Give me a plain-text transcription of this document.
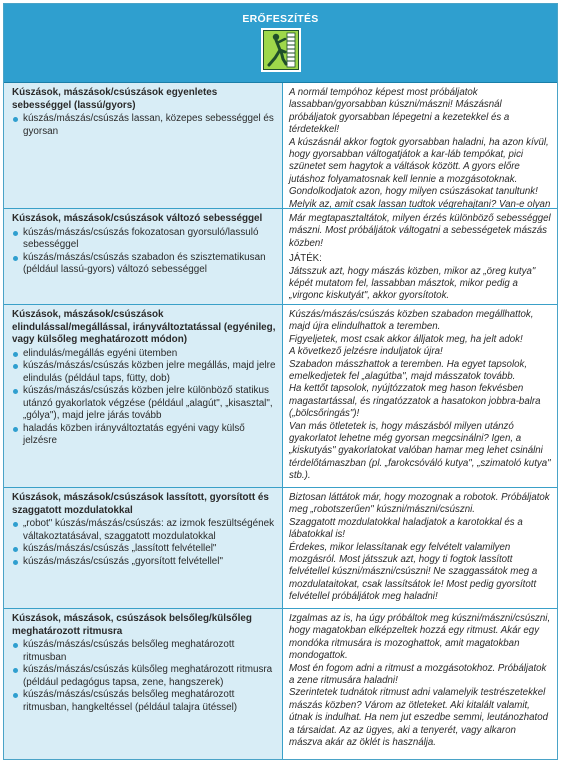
ERŐFESZÍTÉS
Kúszások, mászások/csúszások egyenletes sebességgel (lassú/gyors)
kúszás/mászás/csúszás lassan, közepes sebességgel és gyorsan

A normál tempóhoz képest most próbáljatok lassabban/gyorsabban kúszni/mászni! Mászásnál próbáljatok gyorsabban lépegetni a kezetekkel és a térdetekkel!

A kúszásnál akkor fogtok gyorsabban haladni, ha azon kívül, hogy gyorsabban váltogatjátok a kar-láb tempókat, pici szünetet sem hagytok a váltások között. A gyors előre jutáshoz folyamatosnak kell lennie a mozgásotoknak.

Gondolkodjatok azon, hogy milyen csúszásokat tanultunk! Melyik az, amit csak lassan tudtok végrehajtani? Van-e olyan

Kúszások, mászások/csúszások változó sebességgel
kúszás/mászás/csúszás fokozatosan gyorsuló/lassuló sebességgel
kúszás/mászás/csúszás szabadon és szisztematikusan (például lassú-gyors) változó sebességgel

Már megtapasztaltátok, milyen érzés különböző sebességgel mászni. Most próbáljátok váltogatni a sebességetek mászás közben!

JÁTÉK:

Játsszuk azt, hogy mászás közben, mikor az „öreg kutya" képét mutatom fel, lassabban másztok, mikor pedig a „virgonc kiskutyát", akkor gyorsítotok.

Kúszások, mászások/csúszások elindulással/megállással, irányváltoztatással (egyénileg, vagy külsőleg meghatározott módon)
elindulás/megállás egyéni ütemben
kúszás/mászás/csúszás közben jelre megállás, majd jelre elindulás (például taps, fütty, dob)
kúszás/mászás/csúszás közben jelre különböző statikus utánzó gyakorlatok végzése (például „alagút", „kisasztal", „gólya"), majd jelre járás tovább
haladás közben irányváltoztatás egyéni vagy külső jelzésre

Kúszás/mászás/csúszás közben szabadon megállhattok, majd újra elindulhattok a teremben.

Figyeljetek, most csak akkor álljatok meg, ha jelt adok!

A következő jelzésre induljatok újra!

Szabadon másszhattok a teremben. Ha egyet tapsolok, emelkedjetek fel „alagútba", majd másszatok tovább.

Ha kettőt tapsolok, nyújtózzatok meg hason fekvésben magastartással, és ringatózzatok a hasatokon jobbra-balra („bölcsőringás")!

Van más ötletetek is, hogy mászásból milyen utánzó gyakorlatot lehetne még gyorsan megcsinálni? Igen, a „kiskutyás" gyakorlatokat valóban hamar meg lehet csinálni térdelőtámaszban (pl. „farokcsóváló kutya", „szimatoló kutya" stb.).

Kúszások, mászások/csúszások lassított, gyorsított és szaggatott mozdulatokkal
„robot" kúszás/mászás/csúszás: az izmok feszültségének váltakoztatásával, szaggatott mozdulatokkal
kúszás/mászás/csúszás „lassított felvétellel"
kúszás/mászás/csúszás „gyorsított felvétellel"

Biztosan láttátok már, hogy mozognak a robotok. Próbáljatok meg „robotszerűen" kúszni/mászni/csúszni.

Szaggatott mozdulatokkal haladjatok a karotokkal és a lábatokkal is!

Érdekes, mikor lelassítanak egy felvételt valamilyen mozgásról. Most játsszuk azt, hogy ti fogtok lassított felvétellel kúszni/mászni/csúszni! Ne szaggassátok meg a mozdulataitokat, csak lassítsátok le! Most pedig gyorsított felvétellel próbáljátok meg haladni!

Kúszások, mászások, csúszások belsőleg/külsőleg meghatározott ritmusra
kúszás/mászás/csúszás belsőleg meghatározott ritmusban
kúszás/mászás/csúszás külsőleg meghatározott ritmusra (például pedagógus tapsa, zene, hangszerek)
kúszás/mászás/csúszás belsőleg meghatározott ritmusban, hangkeltéssel (például talajra ütéssel)

Izgalmas az is, ha úgy próbáltok meg kúszni/mászni/csúszni, hogy magatokban elképzeltek hozzá egy ritmust. Akár egy mondóka ritmusára is mozoghattok, amit magatokban mondogattok.

Most én fogom adni a ritmust a mozgásotokhoz. Próbáljatok a zene ritmusára haladni!

Szerintetek tudnátok ritmust adni valamelyik testrészetekkel mászás közben? Várom az ötleteket. Aki kitalált valamit, útnak is indulhat. Ha nem jut eszedbe semmi, leutánozhatod a társaidat. Az az ügyes, aki a tenyerét, vagy alkaron mászva akár az öklét is használja.
